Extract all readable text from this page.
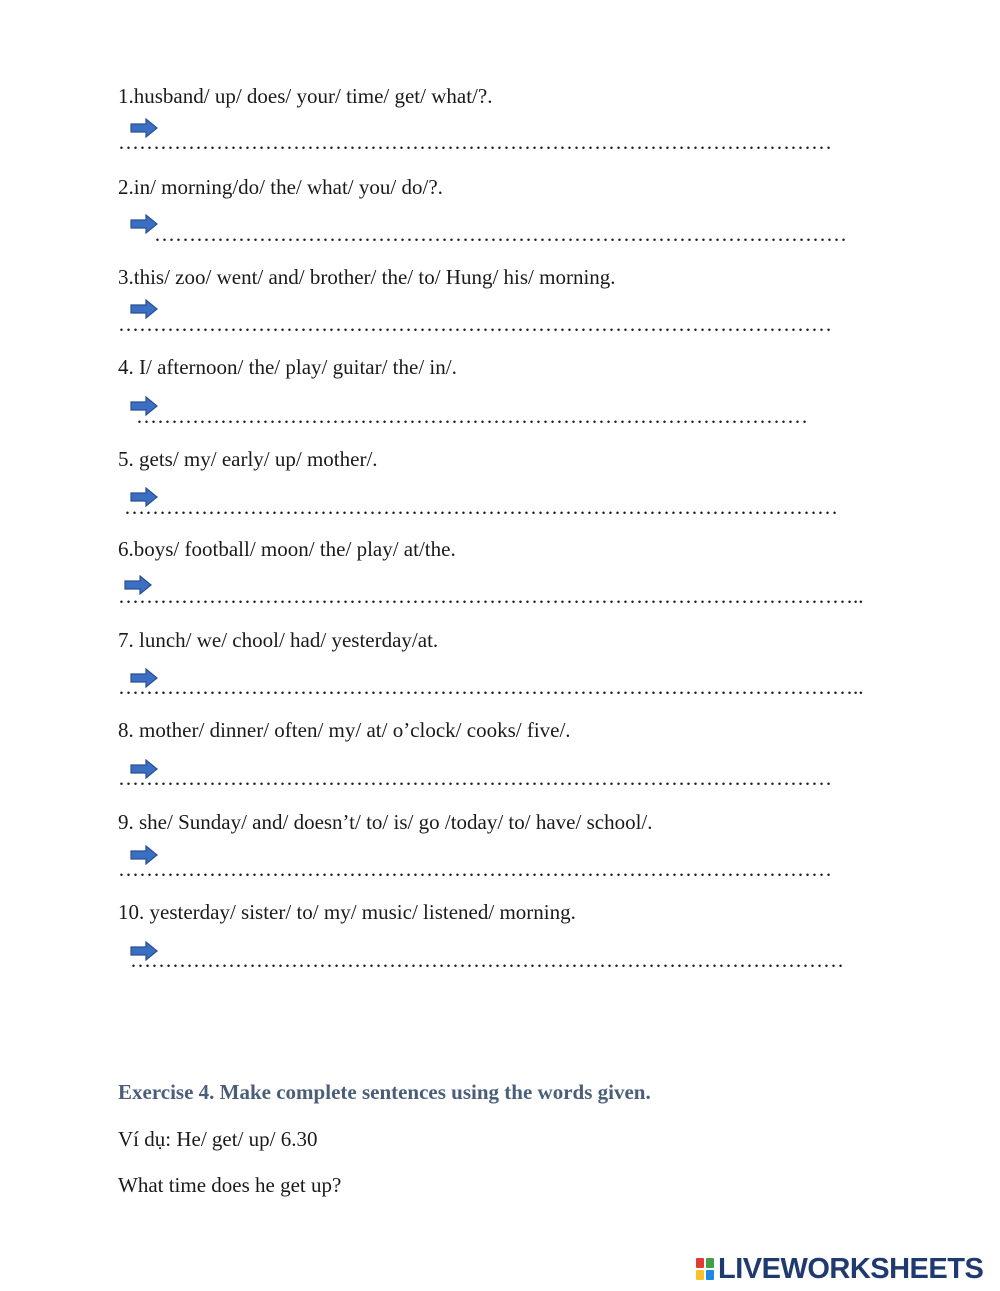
1.husband/ up/ does/ your/ time/ get/ what/?.
…………………………………………………………………………………………
2.in/ morning/do/ the/ what/ you/ do/?.
………………………………………………………………………………………
3.this/ zoo/ went/ and/ brother/ the/ to/ Hung/ his/ morning.
…………………………………………………………………………………………
4. I/ afternoon/ the/ play/ guitar/ the/ in/.
……………………………………………………………………………………
5. gets/ my/ early/ up/ mother/.
…………………………………………………………………………………………
6.boys/ football/ moon/ the/ play/ at/the.
……………………………………………………………………………………………..
7. lunch/ we/ chool/ had/ yesterday/at.
……………………………………………………………………………………………..
8. mother/ dinner/ often/ my/ at/ o’clock/ cooks/ five/.
…………………………………………………………………………………………
9. she/ Sunday/ and/ doesn’t/ to/ is/ go /today/ to/ have/ school/.
…………………………………………………………………………………………
10. yesterday/ sister/ to/ my/ music/ listened/ morning.
…………………………………………………………………………………………
Exercise 4. Make complete sentences using the words given.
Ví dụ: He/ get/ up/ 6.30
What time does he get up?
LIVEWORKSHEETS
